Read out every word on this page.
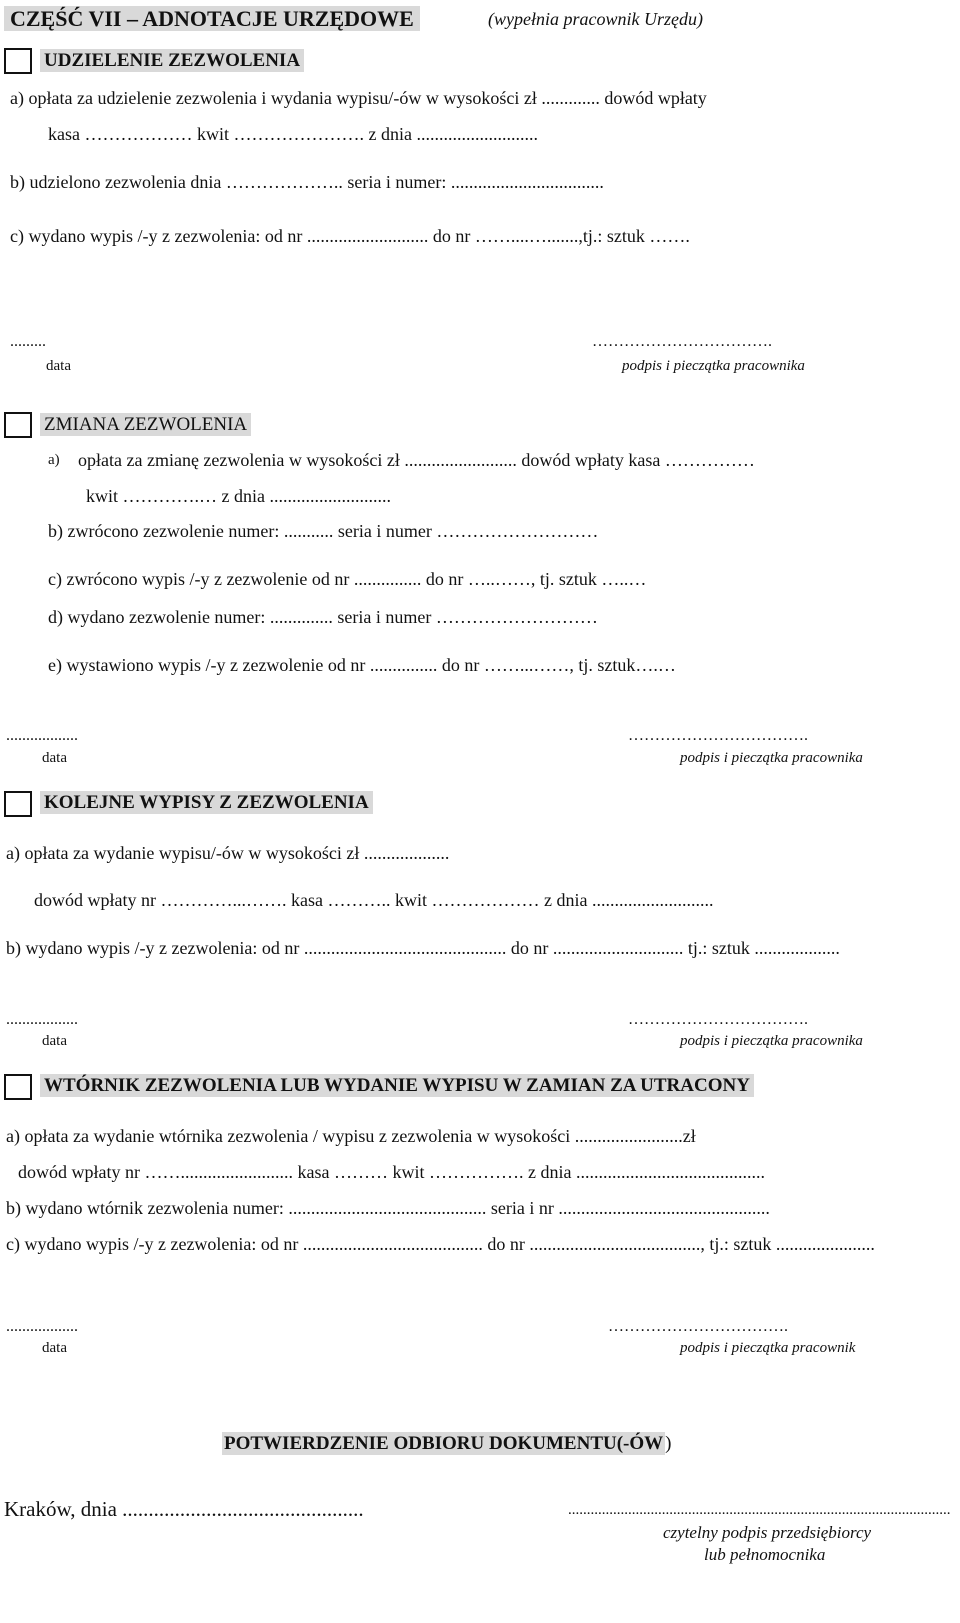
CZĘŚĆ VII – ADNOTACJE URZĘDOWE	(wypełnia pracownik Urzędu)
UDZIELENIE ZEZWOLENIA
a) opłata za udzielenie zezwolenia i wydania wypisu/-ów w wysokości zł ............. dowód wpłaty
kasa ……………… kwit …………………. z dnia ...........................
b) udzielono zezwolenia dnia ……………….. seria i numer: ..................................
c) wydano wypis /-y z zezwolenia: od nr ........................... do nr ……....….......,tj.: sztuk …….
.........	…………………………….
data	podpis i pieczątka pracownika
ZMIANA ZEZWOLENIA
a) opłata za zmianę zezwolenia w wysokości zł ......................... dowód wpłaty kasa ……………
kwit ………….… z dnia ...........................
b) zwrócono zezwolenie numer: ........... seria i numer ………………………
c) zwrócono wypis /-y z zezwolenie od nr ............... do nr …..……, tj. sztuk …..…
d) wydano zezwolenie numer: .............. seria i numer ………………………
e) wystawiono wypis /-y z zezwolenie od nr ............... do nr ……...……, tj. sztuk….…
..................	…………………………….
data	podpis i pieczątka pracownika
KOLEJNE WYPISY Z ZEZWOLENIA
a) opłata za wydanie wypisu/-ów w wysokości zł ...................
dowód wpłaty nr …………...……. kasa ……….. kwit ……………… z dnia ...........................
b) wydano wypis /-y z zezwolenia: od nr ............................................. do nr ............................. tj.: sztuk ...................
..................	…………………………….
data	podpis i pieczątka pracownika
WTÓRNIK ZEZWOLENIA LUB WYDANIE WYPISU W ZAMIAN ZA UTRACONY
a) opłata za wydanie wtórnika zezwolenia / wypisu z zezwolenia w wysokości ........................zł
dowód wpłaty nr ……......................... kasa ……… kwit ……………. z dnia ..........................................
b) wydano wtórnik zezwolenia numer: ............................................ seria i nr ...............................................
c) wydano wypis /-y z zezwolenia: od nr ........................................ do nr ......................................, tj.: sztuk ......................
..................	…………………………….
data	podpis i pieczątka pracownik
POTWIERDZENIE ODBIORU DOKUMENTU(-ÓW )
Kraków, dnia ..............................................	......................................................................................................
czytelny podpis przedsiębiorcy
lub pełnomocnika
